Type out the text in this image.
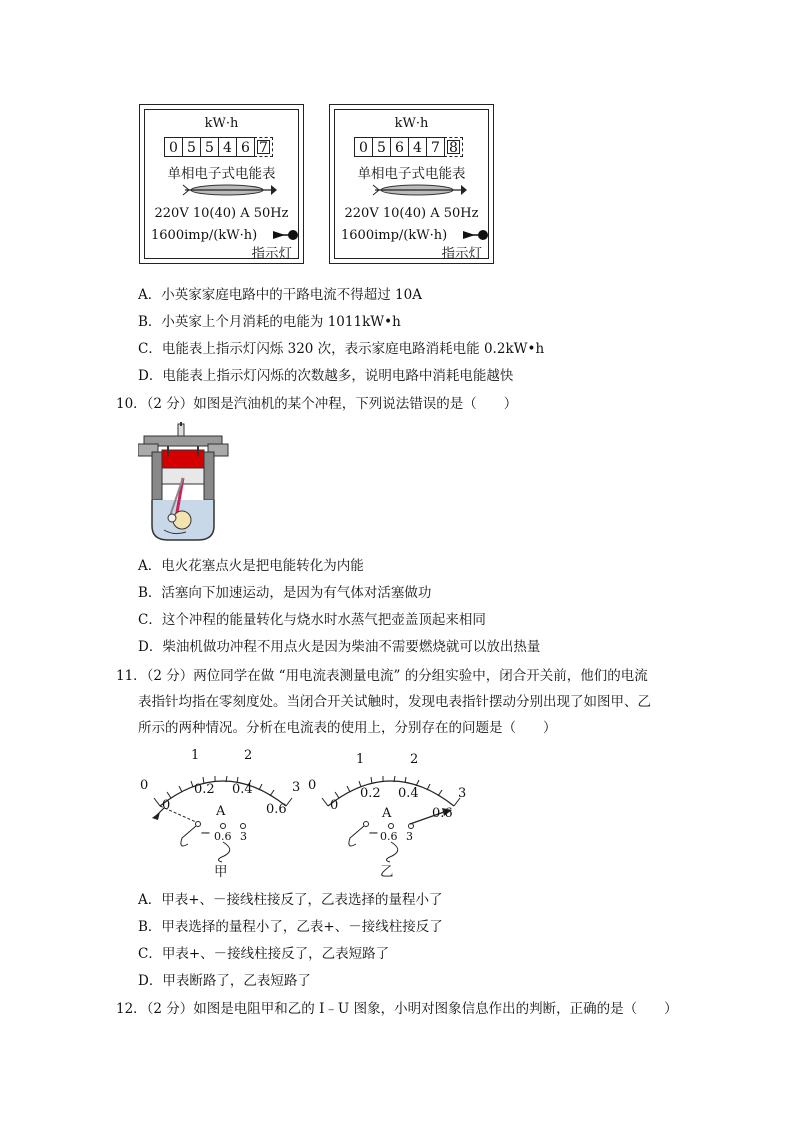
kW·h
0 5 5 4 6 7
单相电子式电能表
220V 10(40) A 50Hz
1600imp/(kW·h)
指示灯
kW·h
0 5 6 4 7 8
单相电子式电能表
220V 10(40) A 50Hz
1600imp/(kW·h)
指示灯
A．小英家家庭电路中的干路电流不得超过 10A
B．小英家上个月消耗的电能为 1011kW•h
C．电能表上指示灯闪烁 320 次，表示家庭电路消耗电能 0.2kW•h
D．电能表上指示灯闪烁的次数越多，说明电路中消耗电能越快
10．（2 分）如图是汽油机的某个冲程，下列说法错误的是（　　）
A．电火花塞点火是把电能转化为内能
B．活塞向下加速运动，是因为有气体对活塞做功
C．这个冲程的能量转化与烧水时水蒸气把壶盖顶起来相同
D．柴油机做功冲程不用点火是因为柴油不需要燃烧就可以放出热量
11．（2 分）两位同学在做 “用电流表测量电流” 的分组实验中，闭合开关前，他们的电流
表指针均指在零刻度处。当闭合开关试触时，发现电表指针摆动分别出现了如图甲、乙
所示的两种情况。分析在电流表的使用上，分别存在的问题是（　　）
0
1	2
3
0
0.2 0.4
0.6
A
− 0.6 3
甲
0
1	2
3
0
0.2 0.4
0.6
A
− 0.6 3
乙
A．甲表+、－接线柱接反了，乙表选择的量程小了
B．甲表选择的量程小了，乙表+、－接线柱接反了
C．甲表+、－接线柱接反了，乙表短路了
D．甲表断路了，乙表短路了
12．（2 分）如图是电阻甲和乙的 I﹣U 图象，小明对图象信息作出的判断，正确的是（　　）
